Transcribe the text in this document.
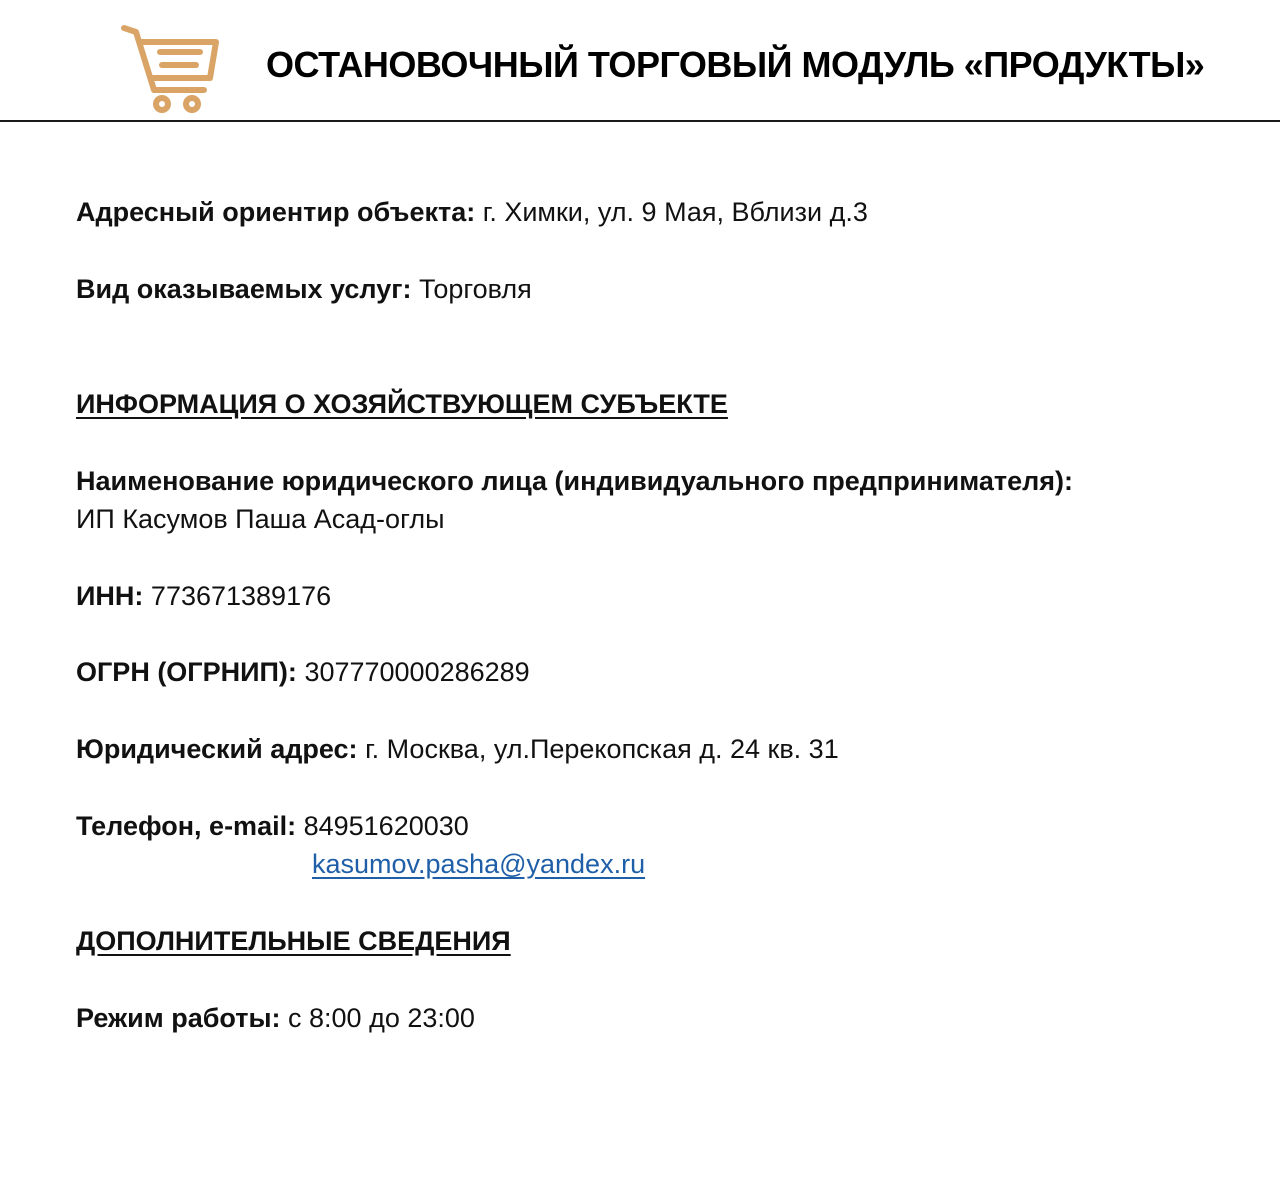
ОСТАНОВОЧНЫЙ ТОРГОВЫЙ МОДУЛЬ «ПРОДУКТЫ»
Адресный ориентир объекта: г. Химки, ул. 9 Мая, Вблизи д.3
Вид оказываемых услуг: Торговля
ИНФОРМАЦИЯ О ХОЗЯЙСТВУЮЩЕМ СУБЪЕКТЕ
Наименование юридического лица (индивидуального предпринимателя):
ИП Касумов Паша Асад-оглы
ИНН: 773671389176
ОГРН (ОГРНИП): 307770000286289
Юридический адрес: г. Москва, ул.Перекопская д. 24 кв. 31
Телефон, e-mail: 84951620030
kasumov.pasha@yandex.ru
ДОПОЛНИТЕЛЬНЫЕ СВЕДЕНИЯ
Режим работы: с 8:00 до 23:00
